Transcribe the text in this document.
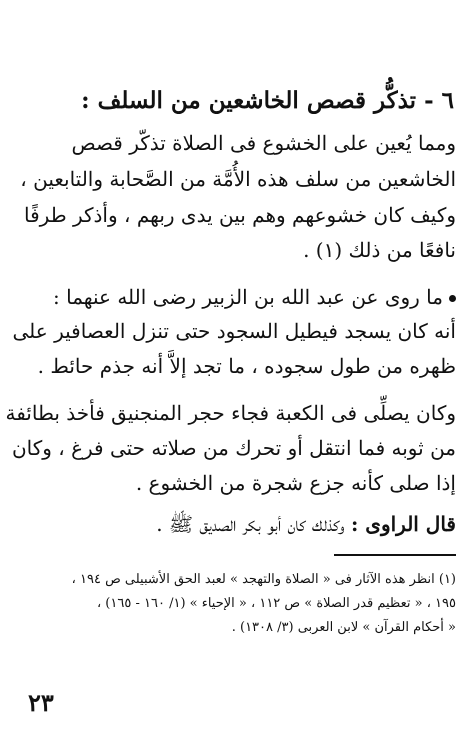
٦ - تذكُّر قصص الخاشعين من السلف :
ومما يُعين على الخشوع فى الصلاة تذكّر قصص
الخاشعين من سلف هذه الأُمَّة من الصَّحابة والتابعين ،
وكيف كان خشوعهم وهم بين يدى ربهم ، وأذكر طرفًا
نافعًا من ذلك (١) .
ما روى عن عبد الله بن الزبير رضى الله عنهما :
أنه كان يسجد فيطيل السجود حتى تنزل العصافير على
ظهره من طول سجوده ، ما تجد إلاَّ أنه جذم حائط .
وكان يصلِّى فى الكعبة فجاء حجر المنجنيق فأخذ بطائفة
من ثوبه فما انتقل أو تحرك من صلاته حتى فرغ ، وكان
إذا صلى كأنه جزع شجرة من الخشوع .
قال الراوى : وكذلك كان أبو بكر الصديق ﷺ .
(١) انظر هذه الآثار فى « الصلاة والتهجد » لعبد الحق الأشبيلى ص ١٩٤ ،
١٩٥ ، « تعظيم قدر الصلاة » ص ١١٢ ، « الإحياء » (١/ ١٦٠ - ١٦٥) ،
« أحكام القرآن » لابن العربى (٣/ ١٣٠٨) .
٢٣
